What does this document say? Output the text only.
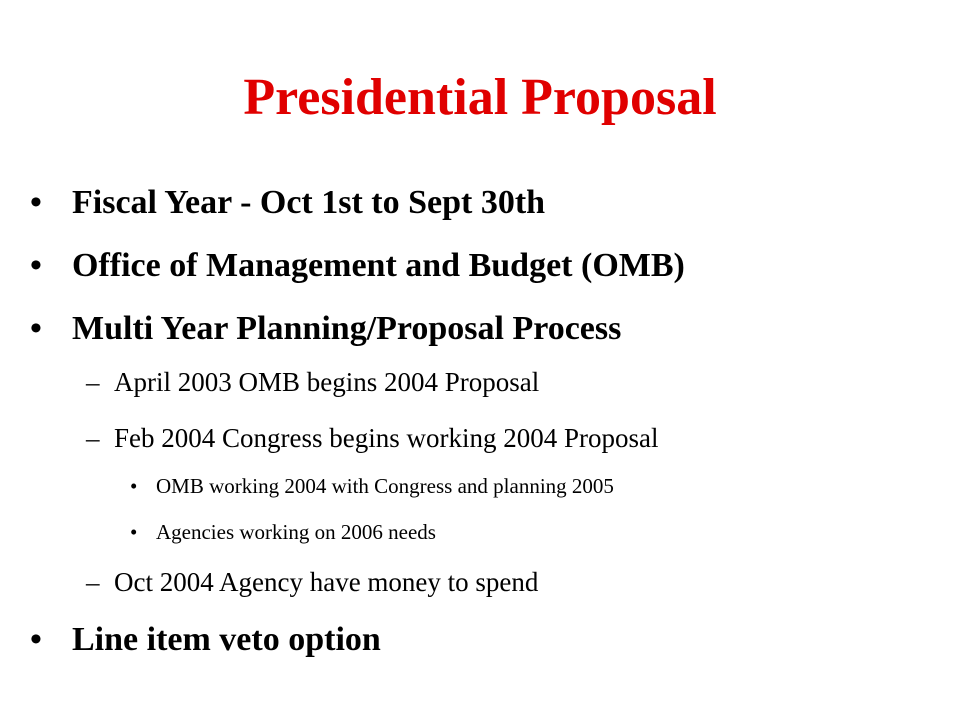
Presidential Proposal
• Fiscal Year - Oct 1st to Sept 30th
• Office of Management and Budget (OMB)
• Multi Year Planning/Proposal Process
– April 2003 OMB begins 2004 Proposal
– Feb 2004 Congress begins working 2004 Proposal
• OMB working 2004 with Congress and planning 2005
• Agencies working on 2006 needs
– Oct 2004 Agency have money to spend
• Line item veto option
